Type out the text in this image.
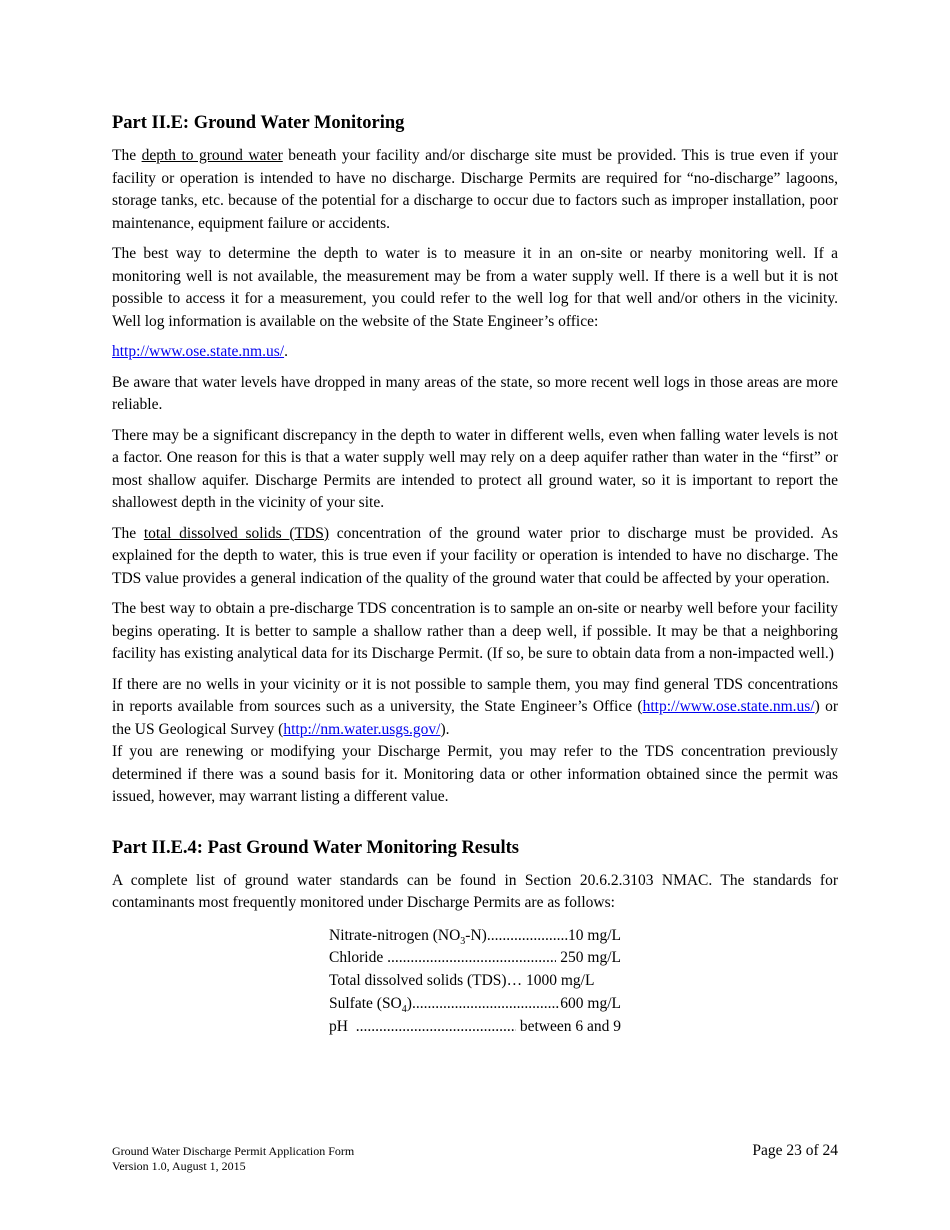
Part II.E: Ground Water Monitoring

The depth to ground water beneath your facility and/or discharge site must be provided. This is true even if your facility or operation is intended to have no discharge. Discharge Permits are required for “no-discharge” lagoons, storage tanks, etc. because of the potential for a discharge to occur due to factors such as improper installation, poor maintenance, equipment failure or accidents.

The best way to determine the depth to water is to measure it in an on-site or nearby monitoring well. If a monitoring well is not available, the measurement may be from a water supply well. If there is a well but it is not possible to access it for a measurement, you could refer to the well log for that well and/or others in the vicinity. Well log information is available on the website of the State Engineer’s office:

http://www.ose.state.nm.us/.

Be aware that water levels have dropped in many areas of the state, so more recent well logs in those areas are more reliable.

There may be a significant discrepancy in the depth to water in different wells, even when falling water levels is not a factor. One reason for this is that a water supply well may rely on a deep aquifer rather than water in the “first” or most shallow aquifer. Discharge Permits are intended to protect all ground water, so it is important to report the shallowest depth in the vicinity of your site.

The total dissolved solids (TDS) concentration of the ground water prior to discharge must be provided. As explained for the depth to water, this is true even if your facility or operation is intended to have no discharge. The TDS value provides a general indication of the quality of the ground water that could be affected by your operation.

The best way to obtain a pre-discharge TDS concentration is to sample an on-site or nearby well before your facility begins operating. It is better to sample a shallow rather than a deep well, if possible. It may be that a neighboring facility has existing analytical data for its Discharge Permit. (If so, be sure to obtain data from a non-impacted well.)

If there are no wells in your vicinity or it is not possible to sample them, you may find general TDS concentrations in reports available from sources such as a university, the State Engineer’s Office (http://www.ose.state.nm.us/) or the US Geological Survey (http://nm.water.usgs.gov/).

If you are renewing or modifying your Discharge Permit, you may refer to the TDS concentration previously determined if there was a sound basis for it. Monitoring data or other information obtained since the permit was issued, however, may warrant listing a different value.

Part II.E.4: Past Ground Water Monitoring Results

A complete list of ground water standards can be found in Section 20.6.2.3103 NMAC. The standards for contaminants most frequently monitored under Discharge Permits are as follows:

Nitrate-nitrogen $(NO_3-N)$ .....	10 mg/L
Chloride .....	250 mg/L
Total dissolved solids (TDS)… 1000 mg/L
Sulfate $(SO_4)$ .....	600 mg/L
pH .....	between 6 and 9
Ground Water Discharge Permit Application Form
Version 1.0, August 1, 2015
Page 23 of 24
